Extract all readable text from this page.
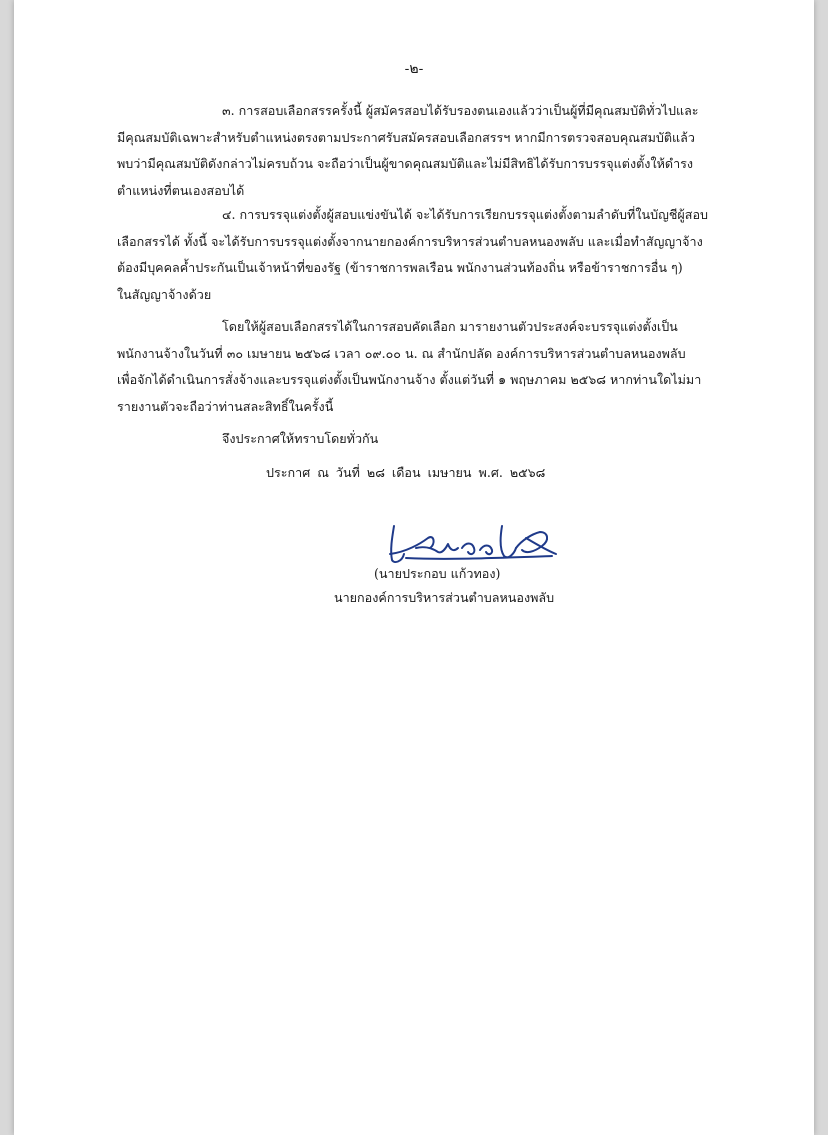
-๒-

๓. การสอบเลือกสรรครั้งนี้ ผู้สมัครสอบได้รับรองตนเองแล้วว่าเป็นผู้ที่มีคุณสมบัติทั่วไปและ
มีคุณสมบัติเฉพาะสำหรับตำแหน่งตรงตามประกาศรับสมัครสอบเลือกสรรฯ หากมีการตรวจสอบคุณสมบัติแล้ว
พบว่ามีคุณสมบัติดังกล่าวไม่ครบถ้วน จะถือว่าเป็นผู้ขาดคุณสมบัติและไม่มีสิทธิได้รับการบรรจุแต่งตั้งให้ดำรง
ตำแหน่งที่ตนเองสอบได้

๔. การบรรจุแต่งตั้งผู้สอบแข่งขันได้ จะได้รับการเรียกบรรจุแต่งตั้งตามลำดับที่ในบัญชีผู้สอบ
เลือกสรรได้ ทั้งนี้ จะได้รับการบรรจุแต่งตั้งจากนายกองค์การบริหารส่วนตำบลหนองพลับ และเมื่อทำสัญญาจ้าง
ต้องมีบุคคลค้ำประกันเป็นเจ้าหน้าที่ของรัฐ (ข้าราชการพลเรือน พนักงานส่วนท้องถิ่น หรือข้าราชการอื่น ๆ)
ในสัญญาจ้างด้วย

โดยให้ผู้สอบเลือกสรรได้ในการสอบคัดเลือก มารายงานตัวประสงค์จะบรรจุแต่งตั้งเป็น
พนักงานจ้างในวันที่ ๓๐ เมษายน ๒๕๖๘ เวลา ๐๙.๐๐ น. ณ สำนักปลัด องค์การบริหารส่วนตำบลหนองพลับ
เพื่อจักได้ดำเนินการสั่งจ้างและบรรจุแต่งตั้งเป็นพนักงานจ้าง ตั้งแต่วันที่ ๑ พฤษภาคม ๒๕๖๘ หากท่านใดไม่มา
รายงานตัวจะถือว่าท่านสละสิทธิ์ในครั้งนี้

จึงประกาศให้ทราบโดยทั่วกัน

ประกาศ ณ วันที่ ๒๘ เดือน เมษายน พ.ศ. ๒๕๖๘
(นายประกอบ แก้วทอง)
นายกองค์การบริหารส่วนตำบลหนองพลับ
